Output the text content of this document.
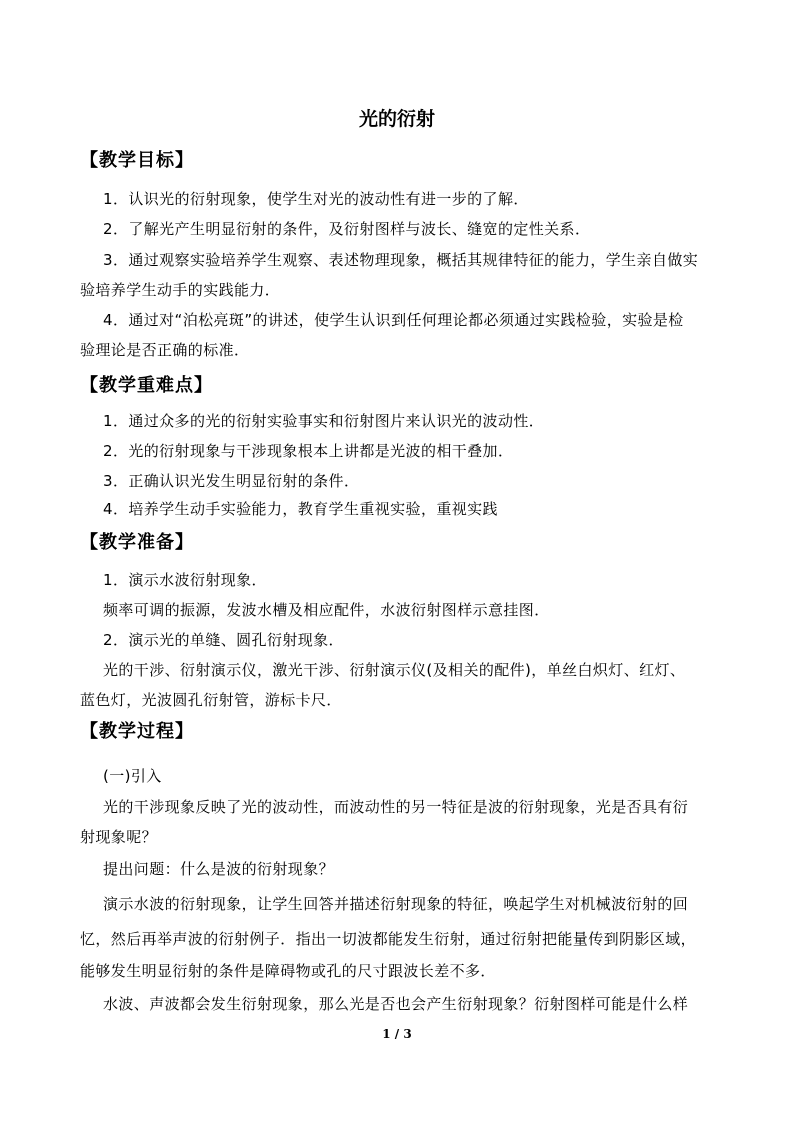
光的衍射
【教学目标】
1．认识光的衍射现象，使学生对光的波动性有进一步的了解．
2．了解光产生明显衍射的条件，及衍射图样与波长、缝宽的定性关系．
3．通过观察实验培养学生观察、表述物理现象，概括其规律特征的能力，学生亲自做实
验培养学生动手的实践能力．
4．通过对“泊松亮斑”的讲述，使学生认识到任何理论都必须通过实践检验，实验是检
验理论是否正确的标准．
【教学重难点】
1．通过众多的光的衍射实验事实和衍射图片来认识光的波动性．
2．光的衍射现象与干涉现象根本上讲都是光波的相干叠加．
3．正确认识光发生明显衍射的条件．
4．培养学生动手实验能力，教育学生重视实验，重视实践
【教学准备】
1．演示水波衍射现象．
频率可调的振源，发波水槽及相应配件，水波衍射图样示意挂图．
2．演示光的单缝、圆孔衍射现象．
光的干涉、衍射演示仪，激光干涉、衍射演示仪(及相关的配件)，单丝白炽灯、红灯、
蓝色灯，光波圆孔衍射管，游标卡尺．
【教学过程】
(一)引入
光的干涉现象反映了光的波动性，而波动性的另一特征是波的衍射现象，光是否具有衍
射现象呢？
提出问题：什么是波的衍射现象？
演示水波的衍射现象，让学生回答并描述衍射现象的特征，唤起学生对机械波衍射的回
忆，然后再举声波的衍射例子．指出一切波都能发生衍射，通过衍射把能量传到阴影区域，
能够发生明显衍射的条件是障碍物或孔的尺寸跟波长差不多．
水波、声波都会发生衍射现象，那么光是否也会产生衍射现象？衍射图样可能是什么样
1 / 3
